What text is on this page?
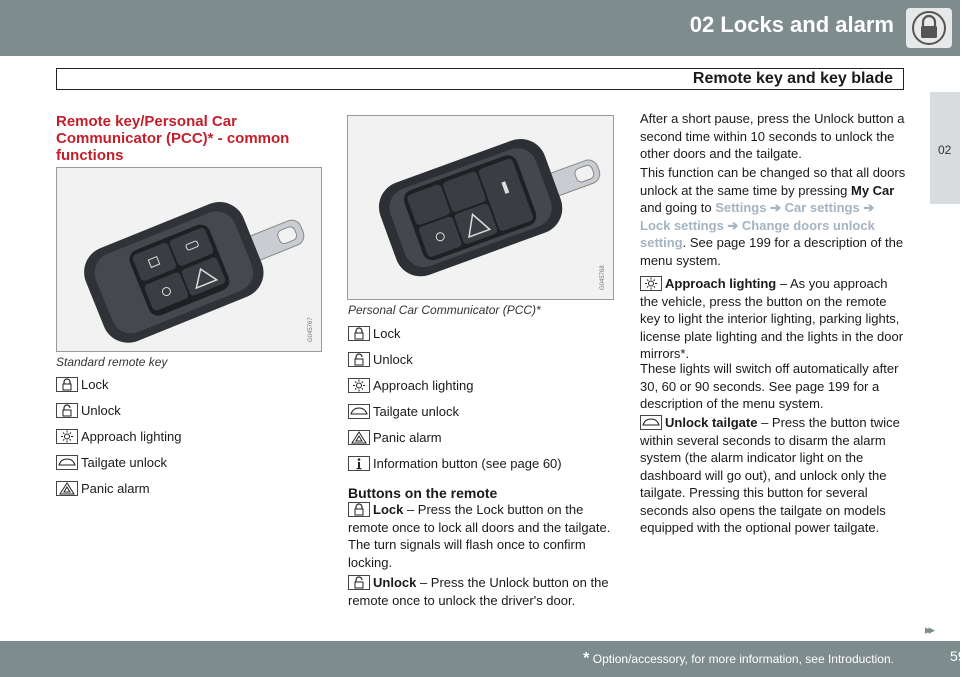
02 Locks and alarm
Remote key and key blade
02
Remote key/Personal Car Communicator (PCC)* - common functions
G045767
Standard remote key
Lock
Unlock
Approach lighting
Tailgate unlock
Panic alarm
G045768
Personal Car Communicator (PCC)*
Lock
Unlock
Approach lighting
Tailgate unlock
Panic alarm
Information button (see page 60)
Buttons on the remote
Lock – Press the Lock button on the remote once to lock all doors and the tailgate. The turn signals will flash once to confirm locking.
Unlock – Press the Unlock button on the remote once to unlock the driver's door.
After a short pause, press the Unlock button a second time within 10 seconds to unlock the other doors and the tailgate.
This function can be changed so that all doors unlock at the same time by pressing My Car and going to Settings ➔ Car settings ➔ Lock settings ➔ Change doors unlock setting. See page 199 for a description of the menu system.
Approach lighting – As you approach the vehicle, press the button on the remote key to light the interior lighting, parking lights, license plate lighting and the lights in the door mirrors*.
These lights will switch off automatically after 30, 60 or 90 seconds. See page 199 for a description of the menu system.
Unlock tailgate – Press the button twice within several seconds to disarm the alarm system (the alarm indicator light on the dashboard will go out), and unlock only the tailgate. Pressing this button for several seconds also opens the tailgate on models equipped with the optional power tailgate.
▸▸
* Option/accessory, for more information, see Introduction.	59
